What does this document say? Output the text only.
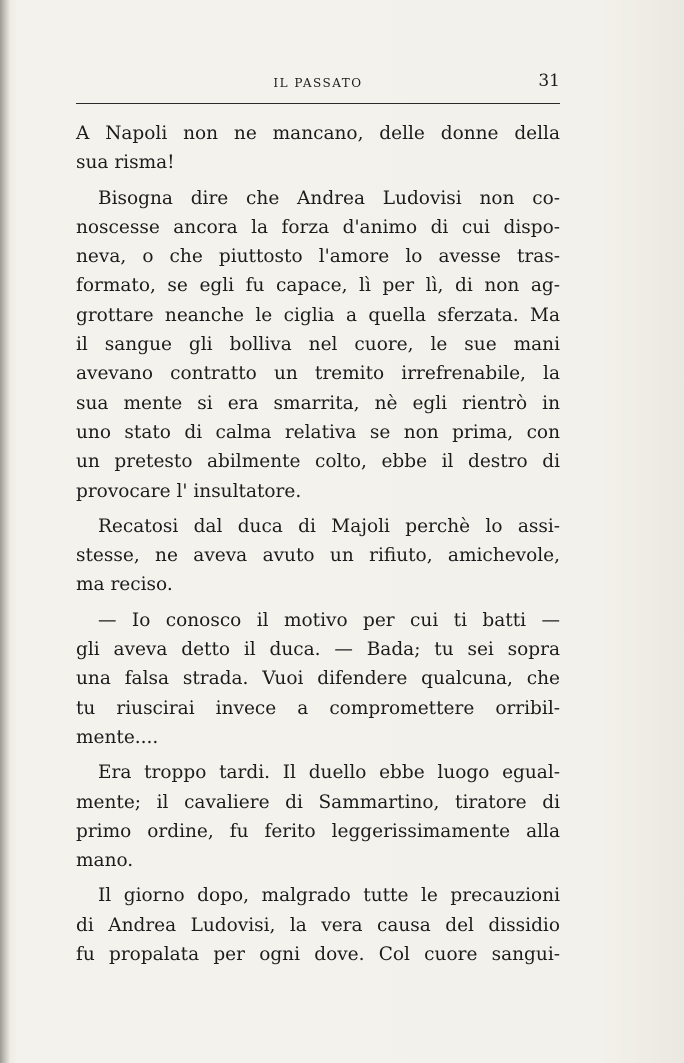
IL PASSATO	31

A Napoli non ne mancano, delle donne della
sua risma!

Bisogna dire che Andrea Ludovisi non co-
noscesse ancora la forza d'animo di cui dispo-
neva, o che piuttosto l'amore lo avesse tras-
formato, se egli fu capace, lì per lì, di non ag-
grottare neanche le ciglia a quella sferzata. Ma
il sangue gli bolliva nel cuore, le sue mani
avevano contratto un tremito irrefrenabile, la
sua mente si era smarrita, nè egli rientrò in
uno stato di calma relativa se non prima, con
un pretesto abilmente colto, ebbe il destro di
provocare l' insultatore.

Recatosi dal duca di Majoli perchè lo assi-
stesse, ne aveva avuto un rifiuto, amichevole,
ma reciso.

— Io conosco il motivo per cui ti batti —
gli aveva detto il duca. — Bada; tu sei sopra
una falsa strada. Vuoi difendere qualcuna, che
tu riuscirai invece a compromettere orribil-
mente....

Era troppo tardi. Il duello ebbe luogo egual-
mente; il cavaliere di Sammartino, tiratore di
primo ordine, fu ferito leggerissimamente alla
mano.

Il giorno dopo, malgrado tutte le precauzioni
di Andrea Ludovisi, la vera causa del dissidio
fu propalata per ogni dove. Col cuore sangui-
